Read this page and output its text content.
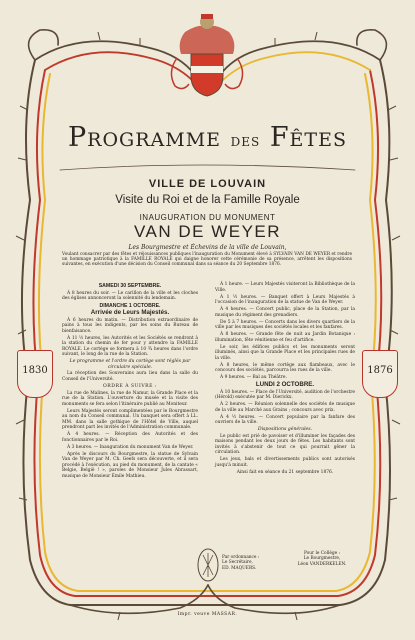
Programme des Fêtes
VILLE DE LOUVAIN
Visite du Roi et de la Famille Royale
INAUGURATION DU MONUMENT
VAN DE WEYER
Les Bourgmestre et Échevins de la ville de Louvain,
Voulant consacrer par des fêtes et réjouissances publiques l'inauguration du Monument élevé à SYLVAIN VAN DE WEYER et rendre un hommage patriotique à la FAMILLE ROYALE qui daigne honorer cette cérémonie de sa présence, arrêtent les dispositions suivantes, en exécution d'une décision du Conseil communal dans sa séance du 20 Septembre 1876.
1830	1876
SAMEDI 30 SEPTEMBRE.

À 8 heures du soir. — Le carillon de la ville et les cloches des églises annonceront la solennité du lendemain.

DIMANCHE 1 OCTOBRE.
Arrivée de Leurs Majestés.

À 6 heures du matin. — Distribution extraordinaire de pains à tous les indigents, par les soins du Bureau de bienfaisance.

À 11 ½ heures, les Autorités et les Sociétés se rendront à la station du chemin de fer pour y attendre la FAMILLE ROYALE. Le cortège se formera à 10 ¾ heures dans l'ordre suivant, le long de la rue de la Station.

Le programme et l'ordre du cortège sont réglés par circulaire spéciale.

La réception des Souverains aura lieu dans la salle du Conseil de l'Université.

ORDRE À SUIVRE :

La rue de Malines, la rue de Namur, la Grande Place et la rue de la Station. L'ouverture du musée et la visite des monuments se fera selon l'itinéraire publié au Moniteur.

Leurs Majestés seront complimentées par le Bourgmestre au nom du Conseil communal. Un banquet sera offert à LL. MM. dans la salle gothique de l'Hôtel de Ville, auquel prendront part les invités de l'Administration communale.

À 4 heures. — Réception des Autorités et des fonctionnaires par le Roi.

À 3 heures. — Inauguration du monument Van de Weyer.

Après le discours du Bourgmestre, la statue de Sylvain Van de Weyer par M. Ch. Geefs sera découverte, et il sera procédé à l'exécution, au pied du monument, de la cantate « Belgie, België ! », paroles de Monsieur Jules Abrassart, musique de Monsieur Émile Mathieu.

À 1 heure. — Leurs Majestés visiteront la Bibliothèque de la Ville.

À 1 ½ heures. — Banquet offert à Leurs Majestés à l'occasion de l'inauguration de la statue de Van de Weyer.

À 4 heures. — Concert public, place de la Station, par la musique du régiment des grenadiers.

De 5 à 7 heures. — Concerts dans les divers quartiers de la ville par les musiques des sociétés locales et les fanfares.

À 8 heures. — Grande fête de nuit au Jardin Botanique : illumination, fête vénitienne et feu d'artifice.

Le soir, les édifices publics et les monuments seront illuminés, ainsi que la Grande Place et les principales rues de la ville.

À 8 heures, le même cortège aux flambeaux, avec le concours des sociétés, parcourra les rues de la ville.

À 9 heures. — Bal au Théâtre.

LUNDI 2 OCTOBRE.

À 10 heures. — Place de l'Université, audition de l'orchestre (Hérold) exécutée par M. Dierickx.

À 2 heures. — Réunion solennelle des sociétés de musique de la ville au Marché aux Grains ; concours avec prix.

À 4 ½ heures. — Concert populaire par la fanfare des ouvriers de la ville.

Dispositions générales.

Le public est prié de pavoiser et d'illuminer les façades des maisons pendant les deux jours de fêtes. Les habitants sont invités à s'abstenir de tout ce qui pourrait gêner la circulation.

Les jeux, bals et divertissements publics sont autorisés jusqu'à minuit.

Ainsi fait en séance du 21 septembre 1876.

Par ordonnance :
Le Secrétaire,
ED. MAQUERS.
Pour le Collège :
Le Bourgmestre,
Léon VANDERKELEN.
Impr. veuve MASSAR.
